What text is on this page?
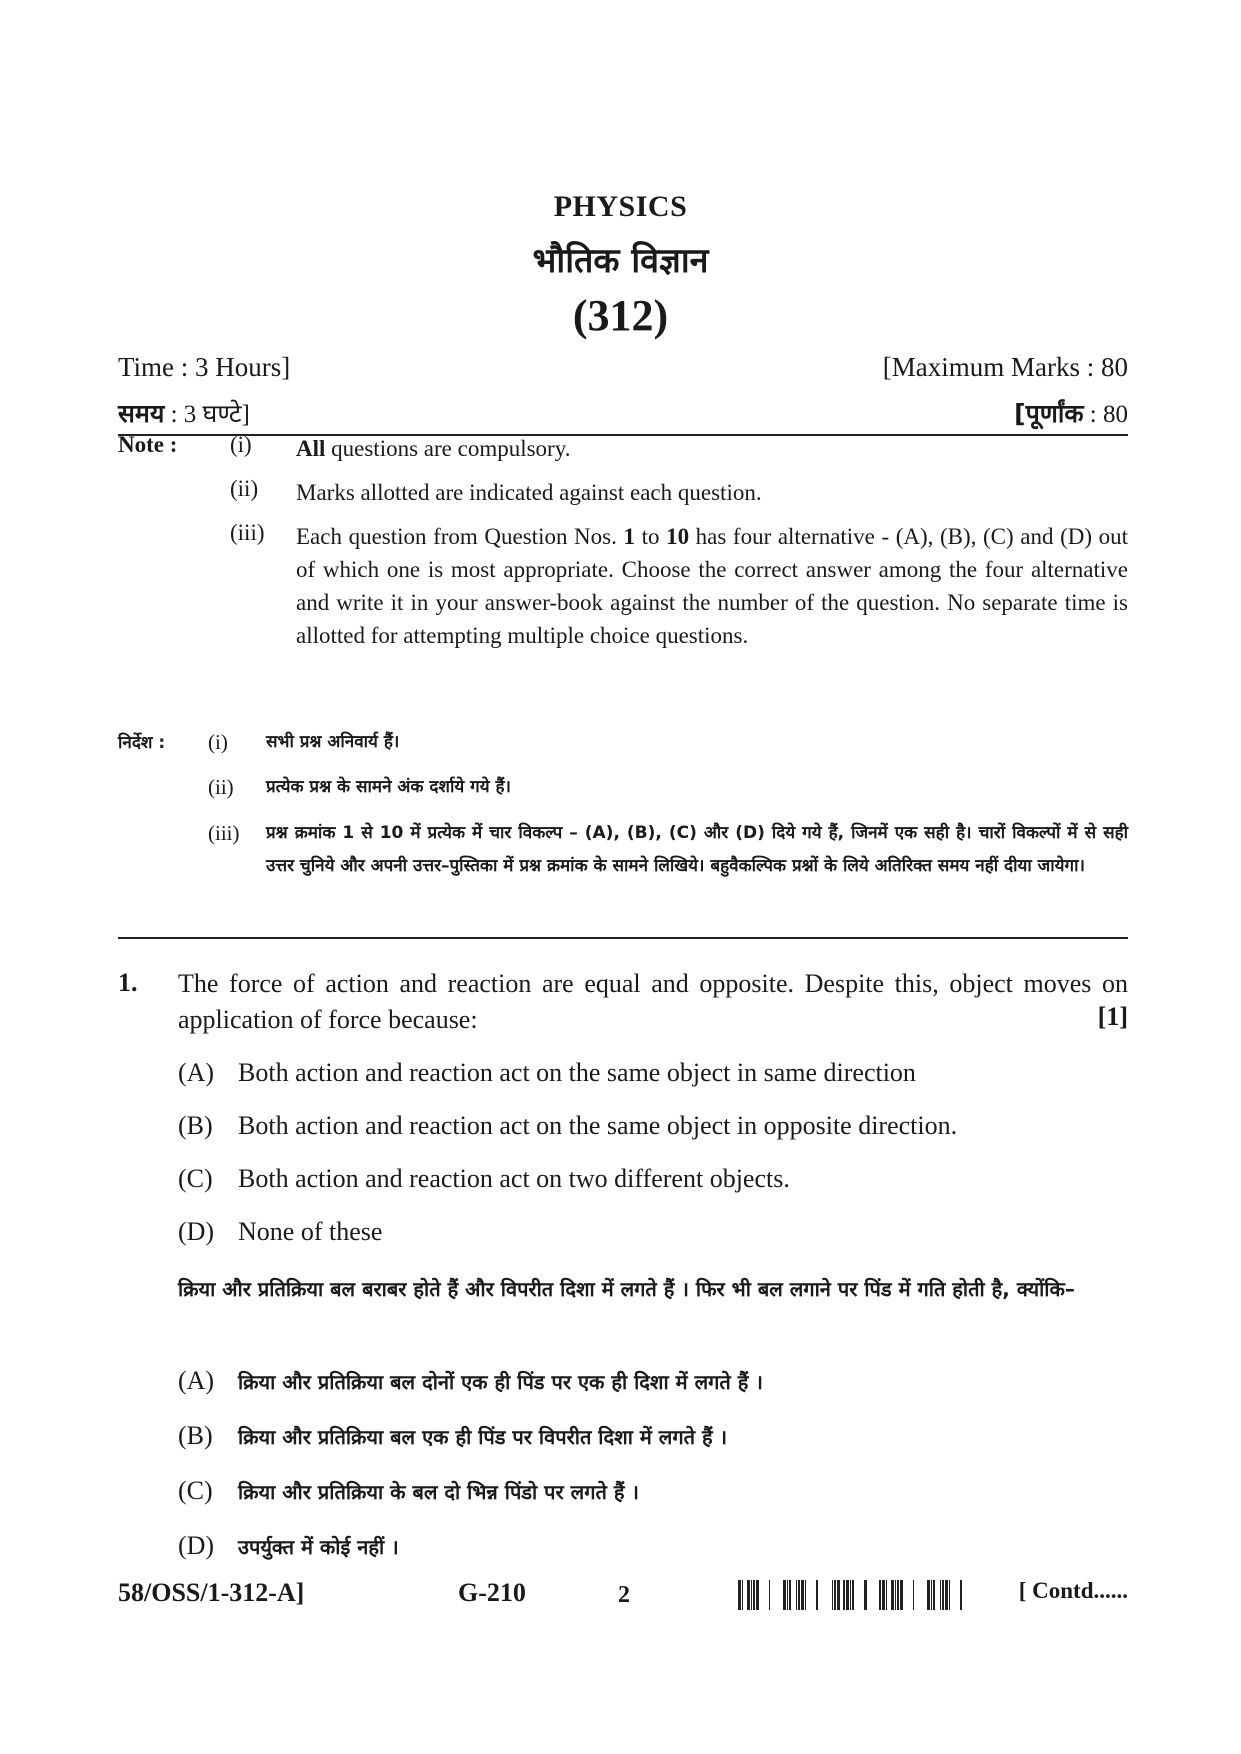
PHYSICS
भौतिक विज्ञान
(312)
Time : 3 Hours]	[Maximum Marks : 80
समय : 3 घण्टे]	[पूर्णांक : 80
Note : (i)	All questions are compulsory.
(ii)	Marks allotted are indicated against each question.
(iii)	Each question from Question Nos. 1 to 10 has four alternative - (A), (B), (C) and (D) out of which one is most appropriate. Choose the correct answer among the four alternative and write it in your answer-book against the number of the question. No separate time is allotted for attempting multiple choice questions.
निर्देश : (i)	सभी प्रश्न अनिवार्य हैं।
(ii)	प्रत्येक प्रश्न के सामने अंक दर्शाये गये हैं।
(iii)	प्रश्न क्रमांक 1 से 10 में प्रत्येक में चार विकल्प – (A), (B), (C) और (D) दिये गये हैं, जिनमें एक सही है। चारों विकल्पों में से सही उत्तर चुनिये और अपनी उत्तर–पुस्तिका में प्रश्न क्रमांक के सामने लिखिये। बहुवैकल्पिक प्रश्नों के लिये अतिरिक्त समय नहीं दीया जायेगा।
1. The force of action and reaction are equal and opposite. Despite this, object moves on application of force because:	[1]
(A) Both action and reaction act on the same object in same direction
(B) Both action and reaction act on the same object in opposite direction.
(C) Both action and reaction act on two different objects.
(D) None of these
क्रिया और प्रतिक्रिया बल बराबर होते हैं और विपरीत दिशा में लगते हैं । फिर भी बल लगाने पर पिंड में गति होती है, क्योंकि–
(A) क्रिया और प्रतिक्रिया बल दोनों एक ही पिंड पर एक ही दिशा में लगते हैं ।
(B) क्रिया और प्रतिक्रिया बल एक ही पिंड पर विपरीत दिशा में लगते हैं ।
(C) क्रिया और प्रतिक्रिया के बल दो भिन्न पिंडो पर लगते हैं ।
(D) उपर्युक्त में कोई नहीं ।
58/OSS/1-312-A]	G-210	2	[ Contd......
